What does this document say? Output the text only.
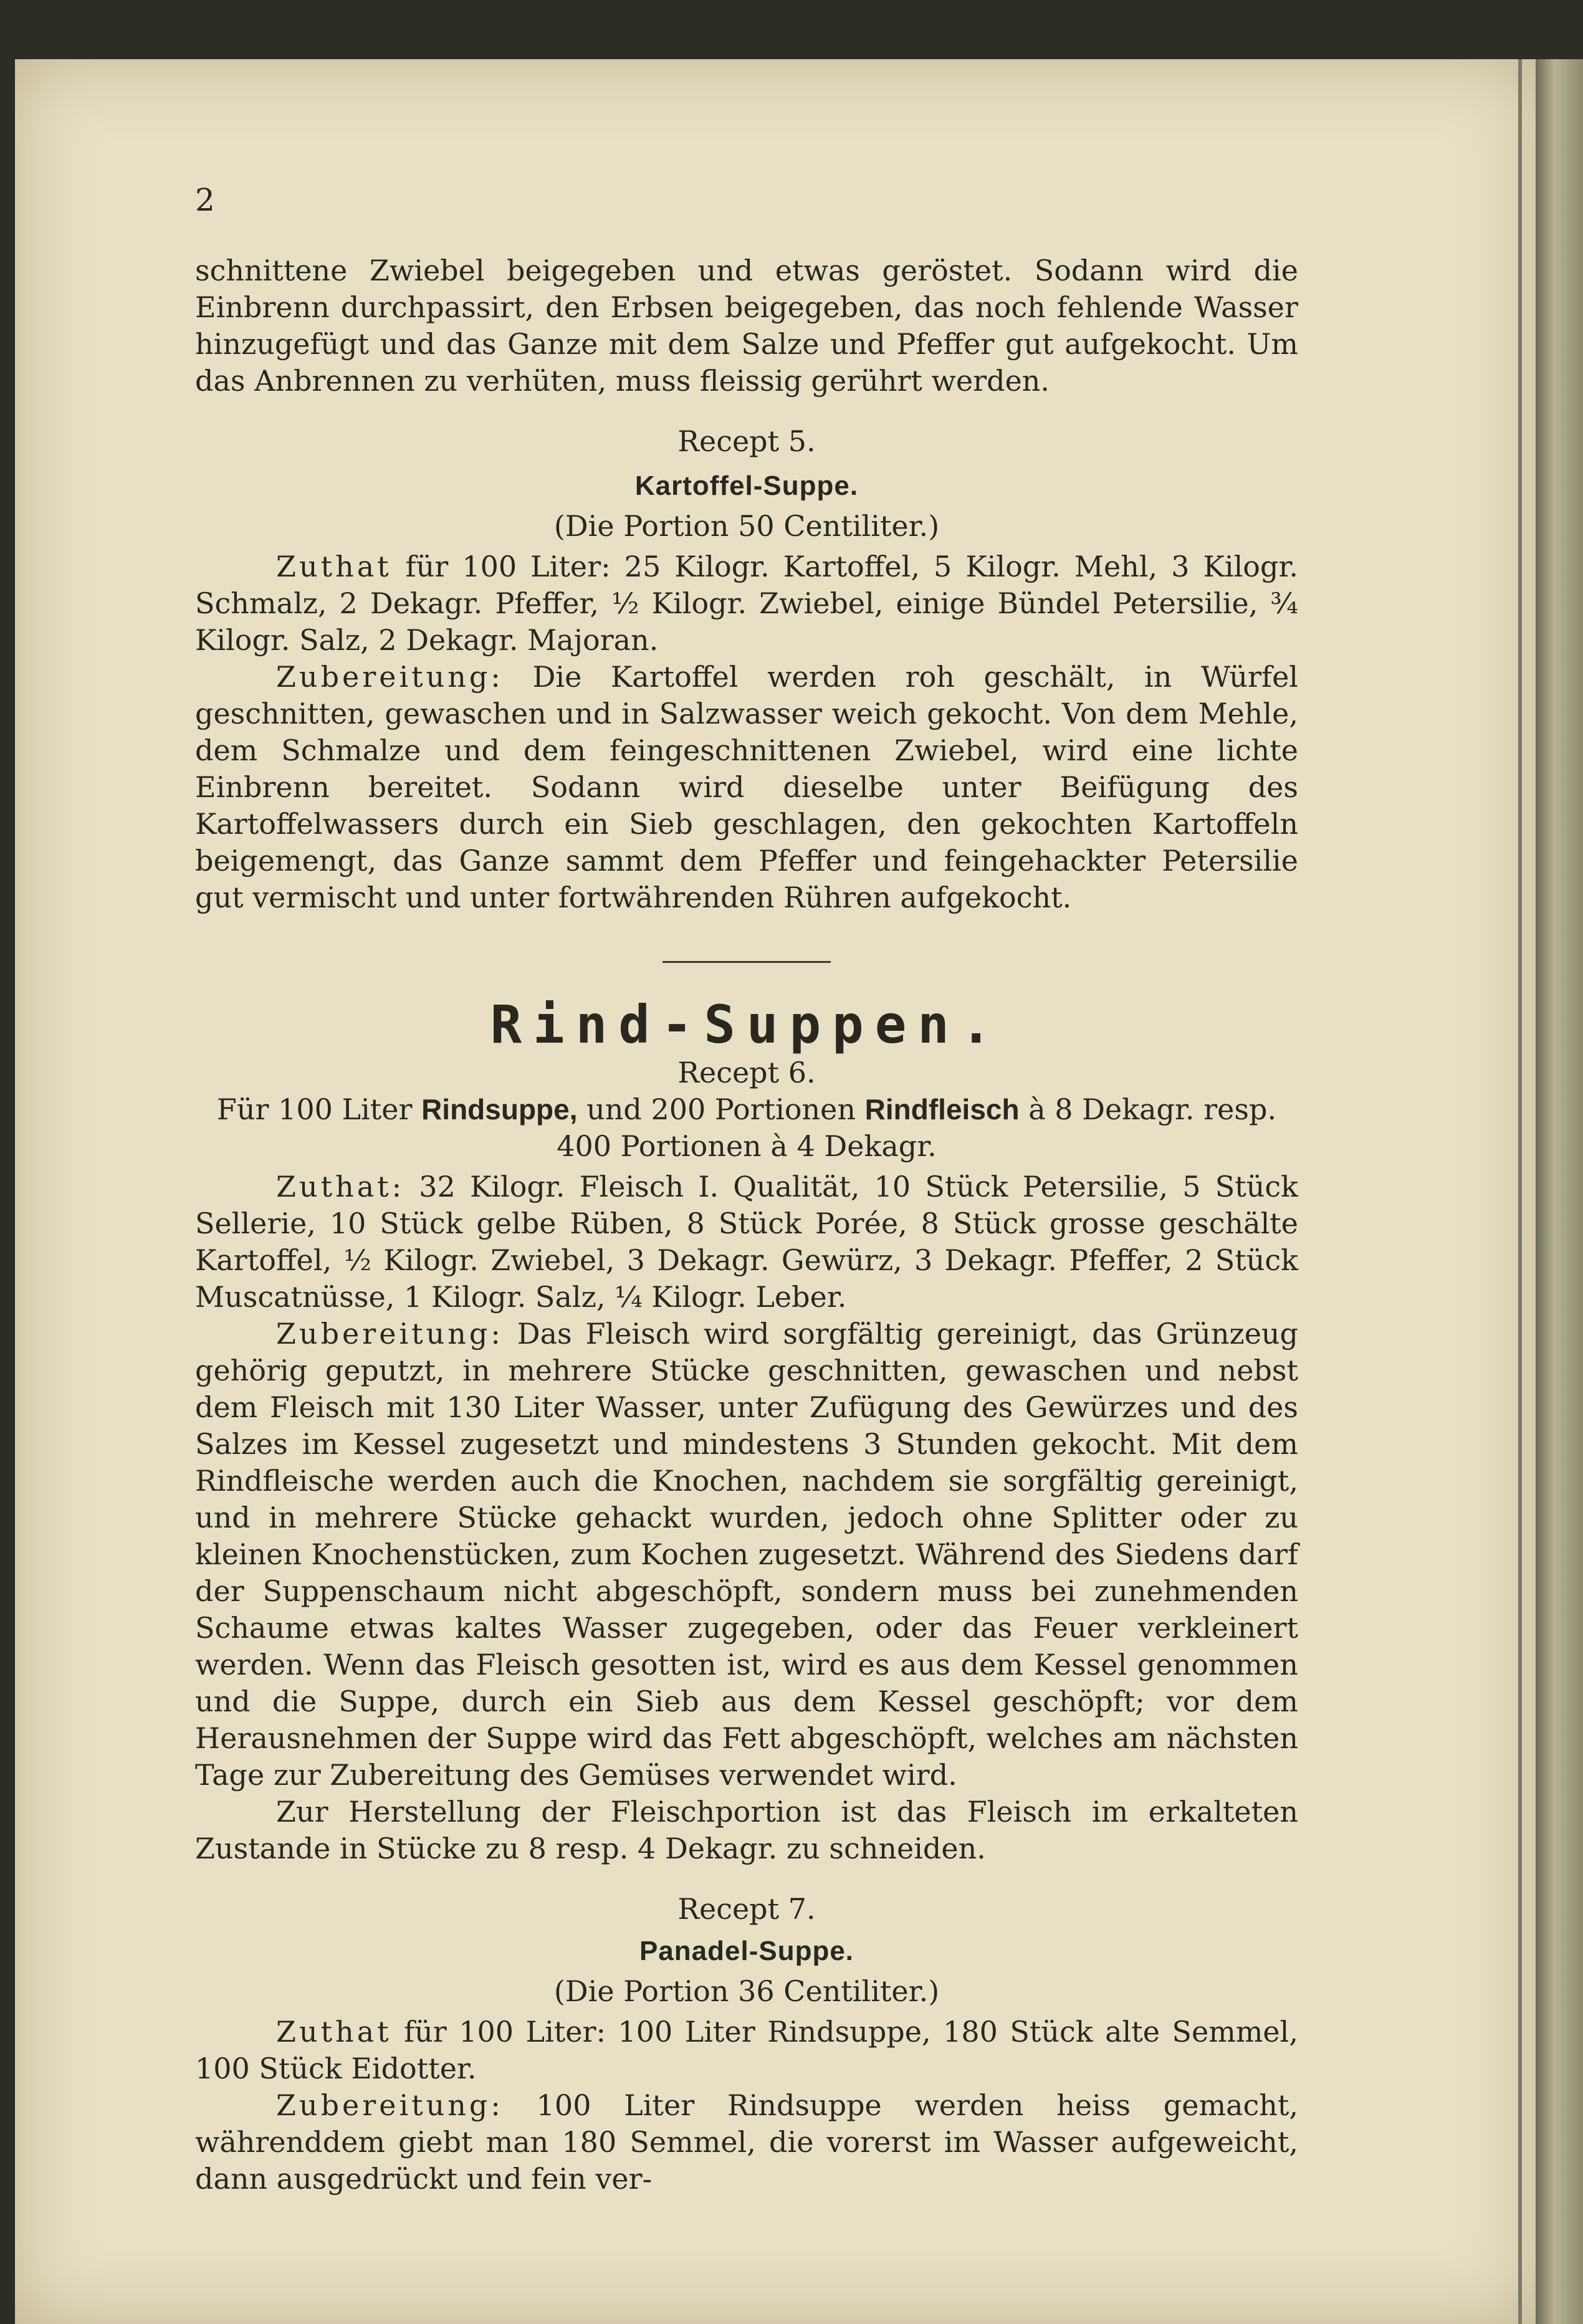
2

schnittene Zwiebel beigegeben und etwas geröstet. Sodann wird die Einbrenn durchpassirt, den Erbsen beigegeben, das noch fehlende Wasser hinzugefügt und das Ganze mit dem Salze und Pfeffer gut aufgekocht. Um das Anbrennen zu verhüten, muss fleissig gerührt werden.

Recept 5.

Kartoffel-Suppe.

(Die Portion 50 Centiliter.)

Zuthat für 100 Liter: 25 Kilogr. Kartoffel, 5 Kilogr. Mehl, 3 Kilogr. Schmalz, 2 Dekagr. Pfeffer, ½ Kilogr. Zwiebel, einige Bündel Petersilie, ¾ Kilogr. Salz, 2 Dekagr. Majoran.

Zubereitung: Die Kartoffel werden roh geschält, in Würfel geschnitten, gewaschen und in Salzwasser weich gekocht. Von dem Mehle, dem Schmalze und dem feingeschnittenen Zwiebel, wird eine lichte Einbrenn bereitet. Sodann wird dieselbe unter Beifügung des Kartoffelwassers durch ein Sieb geschlagen, den gekochten Kartoffeln beigemengt, das Ganze sammt dem Pfeffer und feingehackter Petersilie gut vermischt und unter fortwährenden Rühren aufgekocht.

Rind-Suppen.

Recept 6.

Für 100 Liter Rindsuppe, und 200 Portionen Rindfleisch à 8 Dekagr. resp. 400 Portionen à 4 Dekagr.

Zuthat: 32 Kilogr. Fleisch I. Qualität, 10 Stück Petersilie, 5 Stück Sellerie, 10 Stück gelbe Rüben, 8 Stück Porée, 8 Stück grosse geschälte Kartoffel, ½ Kilogr. Zwiebel, 3 Dekagr. Gewürz, 3 Dekagr. Pfeffer, 2 Stück Muscatnüsse, 1 Kilogr. Salz, ¼ Kilogr. Leber.

Zubereitung: Das Fleisch wird sorgfältig gereinigt, das Grünzeug gehörig geputzt, in mehrere Stücke geschnitten, gewaschen und nebst dem Fleisch mit 130 Liter Wasser, unter Zufügung des Gewürzes und des Salzes im Kessel zugesetzt und mindestens 3 Stunden gekocht. Mit dem Rindfleische werden auch die Knochen, nachdem sie sorgfältig gereinigt, und in mehrere Stücke gehackt wurden, jedoch ohne Splitter oder zu kleinen Knochenstücken, zum Kochen zugesetzt. Während des Siedens darf der Suppenschaum nicht abgeschöpft, sondern muss bei zunehmenden Schaume etwas kaltes Wasser zugegeben, oder das Feuer verkleinert werden. Wenn das Fleisch gesotten ist, wird es aus dem Kessel genommen und die Suppe, durch ein Sieb aus dem Kessel geschöpft; vor dem Herausnehmen der Suppe wird das Fett abgeschöpft, welches am nächsten Tage zur Zubereitung des Gemüses verwendet wird.

Zur Herstellung der Fleischportion ist das Fleisch im erkalteten Zustande in Stücke zu 8 resp. 4 Dekagr. zu schneiden.

Recept 7.

Panadel-Suppe.

(Die Portion 36 Centiliter.)

Zuthat für 100 Liter: 100 Liter Rindsuppe, 180 Stück alte Semmel, 100 Stück Eidotter.

Zubereitung: 100 Liter Rindsuppe werden heiss gemacht, währenddem giebt man 180 Semmel, die vorerst im Wasser aufgeweicht, dann ausgedrückt und fein ver-
